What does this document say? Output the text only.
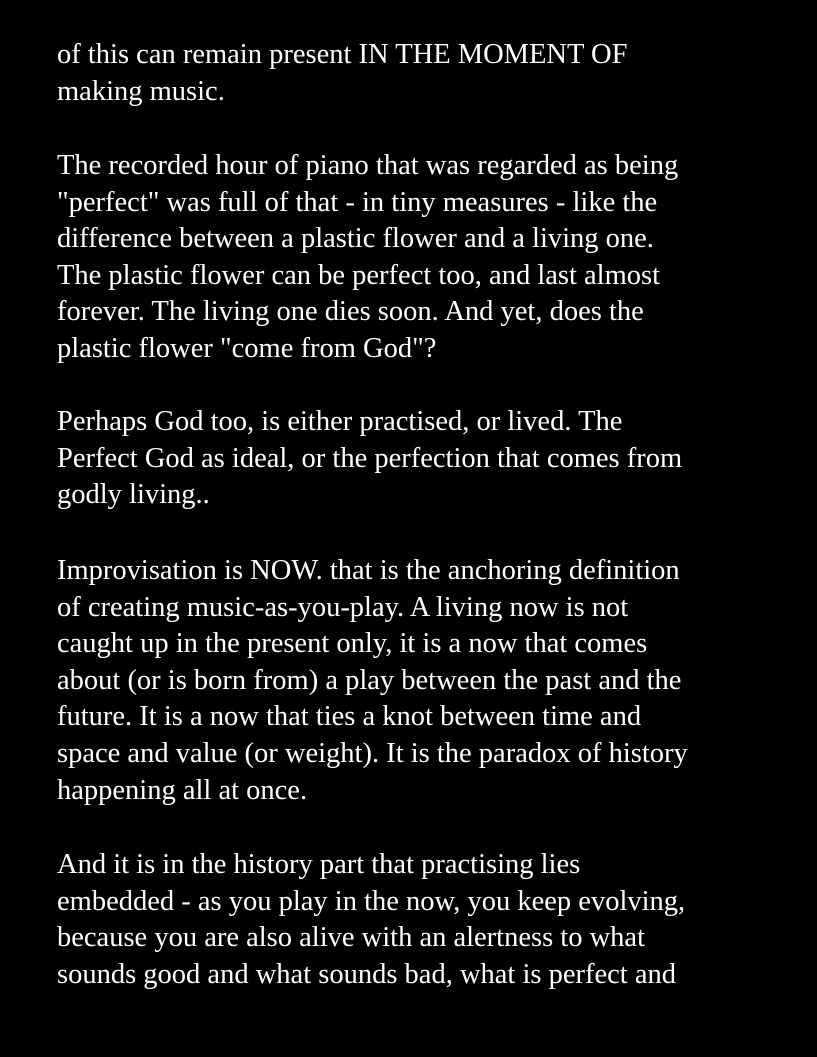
of this can remain present IN THE MOMENT OF
making music.

The recorded hour of piano that was regarded as being
"perfect" was full of that - in tiny measures - like the
difference between a plastic flower and a living one.
The plastic flower can be perfect too, and last almost
forever. The living one dies soon. And yet, does the
plastic flower "come from God"?

Perhaps God too, is either practised, or lived. The
Perfect God as ideal, or the perfection that comes from
godly living..

Improvisation is NOW. that is the anchoring definition
of creating music-as-you-play. A living now is not
caught up in the present only, it is a now that comes
about (or is born from) a play between the past and the
future. It is a now that ties a knot between time and
space and value (or weight). It is the paradox of history
happening all at once.

And it is in the history part that practising lies
embedded - as you play in the now, you keep evolving,
because you are also alive with an alertness to what
sounds good and what sounds bad, what is perfect and
